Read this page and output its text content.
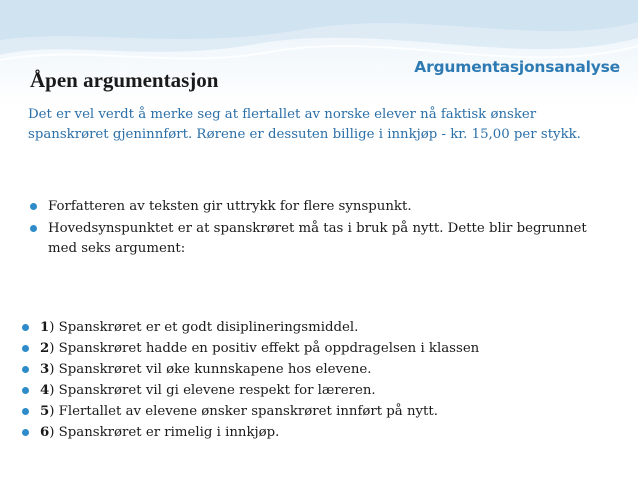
Argumentasjonsanalyse
Åpen argumentasjon
Det er vel verdt å merke seg at flertallet av norske elever nå faktisk ønsker spanskrøret gjeninnført. Rørene er dessuten billige i innkjøp - kr. 15,00 per stykk.
Forfatteren av teksten gir uttrykk for flere synspunkt.
Hovedsynspunktet er at spanskrøret må tas i bruk på nytt. Dette blir begrunnet med seks argument:
1) Spanskrøret er et godt disiplineringsmiddel.
2) Spanskrøret hadde en positiv effekt på oppdragelsen i klassen
3) Spanskrøret vil øke kunnskapene hos elevene.
4) Spanskrøret vil gi elevene respekt for læreren.
5) Flertallet av elevene ønsker spanskrøret innført på nytt.
6) Spanskrøret er rimelig i innkjøp.
